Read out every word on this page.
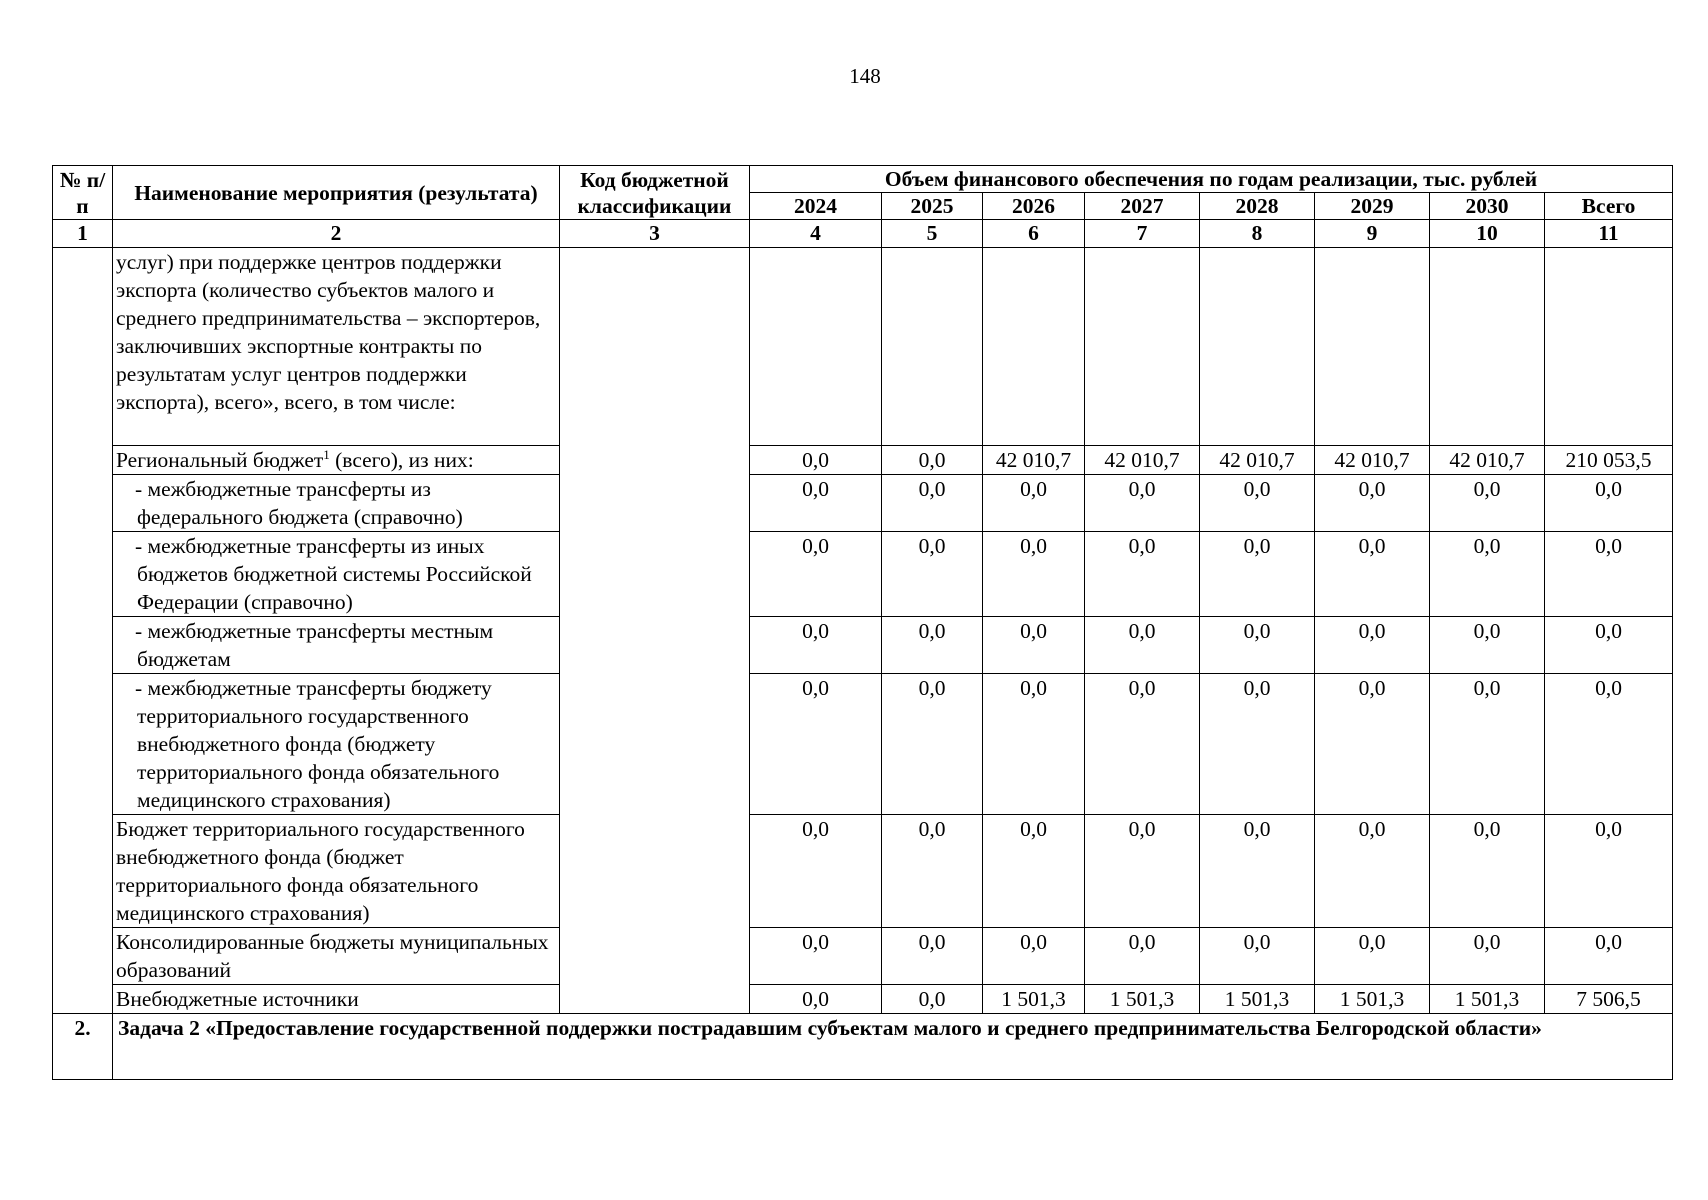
148
№ п/п	Наименование мероприятия (результата)	Код бюджетной классификации	Объем финансового обеспечения по годам реализации, тыс. рублей							
			2024	2025	2026	2027	2028	2029	2030	Всего
1	2	3	4	5	6	7	8	9	10	11
	услуг) при поддержке центров поддержки экспорта (количество субъектов малого и среднего предпринимательства – экспортеров, заключивших экспортные контракты по результатам услуг центров поддержки экспорта), всего», всего, в том числе:									
	Региональный бюджет$^1$ (всего), из них:		0,0	0,0	42 010,7	42 010,7	42 010,7	42 010,7	42 010,7	210 053,5
	- межбюджетные трансферты из федерального бюджета (справочно)		0,0	0,0	0,0	0,0	0,0	0,0	0,0	0,0
	- межбюджетные трансферты из иных бюджетов бюджетной системы Российской Федерации (справочно)		0,0	0,0	0,0	0,0	0,0	0,0	0,0	0,0
	- межбюджетные трансферты местным бюджетам		0,0	0,0	0,0	0,0	0,0	0,0	0,0	0,0
	- межбюджетные трансферты бюджету территориального государственного внебюджетного фонда (бюджету территориального фонда обязательного медицинского страхования)		0,0	0,0	0,0	0,0	0,0	0,0	0,0	0,0
	Бюджет территориального государственного внебюджетного фонда (бюджет территориального фонда обязательного медицинского страхования)		0,0	0,0	0,0	0,0	0,0	0,0	0,0	0,0
	Консолидированные бюджеты муниципальных образований		0,0	0,0	0,0	0,0	0,0	0,0	0,0	0,0
	Внебюджетные источники		0,0	0,0	1 501,3	1 501,3	1 501,3	1 501,3	1 501,3	7 506,5
2.	Задача 2 «Предоставление государственной поддержки пострадавшим субъектам малого и среднего предпринимательства Белгородской области»									
